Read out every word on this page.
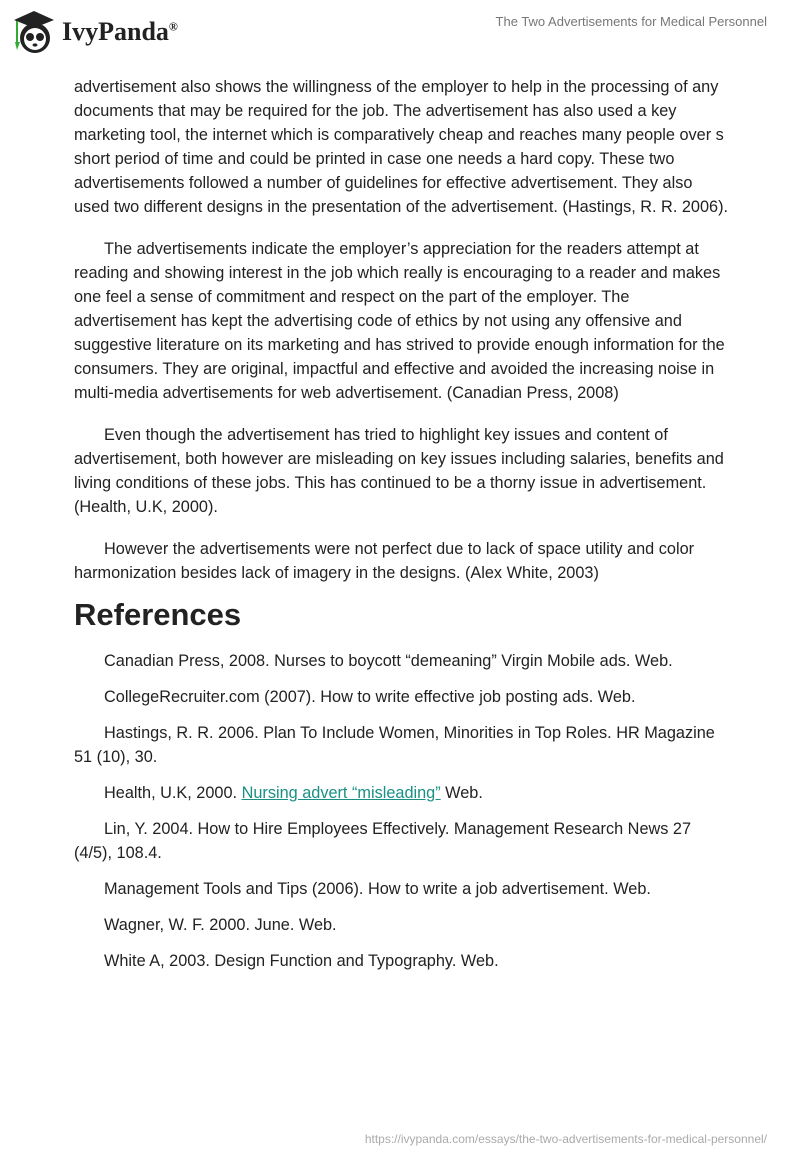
IvyPanda®	The Two Advertisements for Medical Personnel

advertisement also shows the willingness of the employer to help in the processing of any documents that may be required for the job. The advertisement has also used a key marketing tool, the internet which is comparatively cheap and reaches many people over s short period of time and could be printed in case one needs a hard copy. These two advertisements followed a number of guidelines for effective advertisement. They also used two different designs in the presentation of the advertisement. (Hastings, R. R. 2006).

The advertisements indicate the employer’s appreciation for the readers attempt at reading and showing interest in the job which really is encouraging to a reader and makes one feel a sense of commitment and respect on the part of the employer. The advertisement has kept the advertising code of ethics by not using any offensive and suggestive literature on its marketing and has strived to provide enough information for the consumers. They are original, impactful and effective and avoided the increasing noise in multi-media advertisements for web advertisement. (Canadian Press, 2008)

Even though the advertisement has tried to highlight key issues and content of advertisement, both however are misleading on key issues including salaries, benefits and living conditions of these jobs. This has continued to be a thorny issue in advertisement. (Health, U.K, 2000).

However the advertisements were not perfect due to lack of space utility and color harmonization besides lack of imagery in the designs. (Alex White, 2003)

References

Canadian Press, 2008. Nurses to boycott “demeaning” Virgin Mobile ads. Web.

CollegeRecruiter.com (2007). How to write effective job posting ads. Web.

Hastings, R. R. 2006. Plan To Include Women, Minorities in Top Roles. HR Magazine 51 (10), 30.

Health, U.K, 2000. Nursing advert “misleading” Web.

Lin, Y. 2004. How to Hire Employees Effectively. Management Research News 27 (4/5), 108.4.

Management Tools and Tips (2006). How to write a job advertisement. Web.

Wagner, W. F. 2000. June. Web.

White A, 2003. Design Function and Typography. Web.

https://ivypanda.com/essays/the-two-advertisements-for-medical-personnel/
